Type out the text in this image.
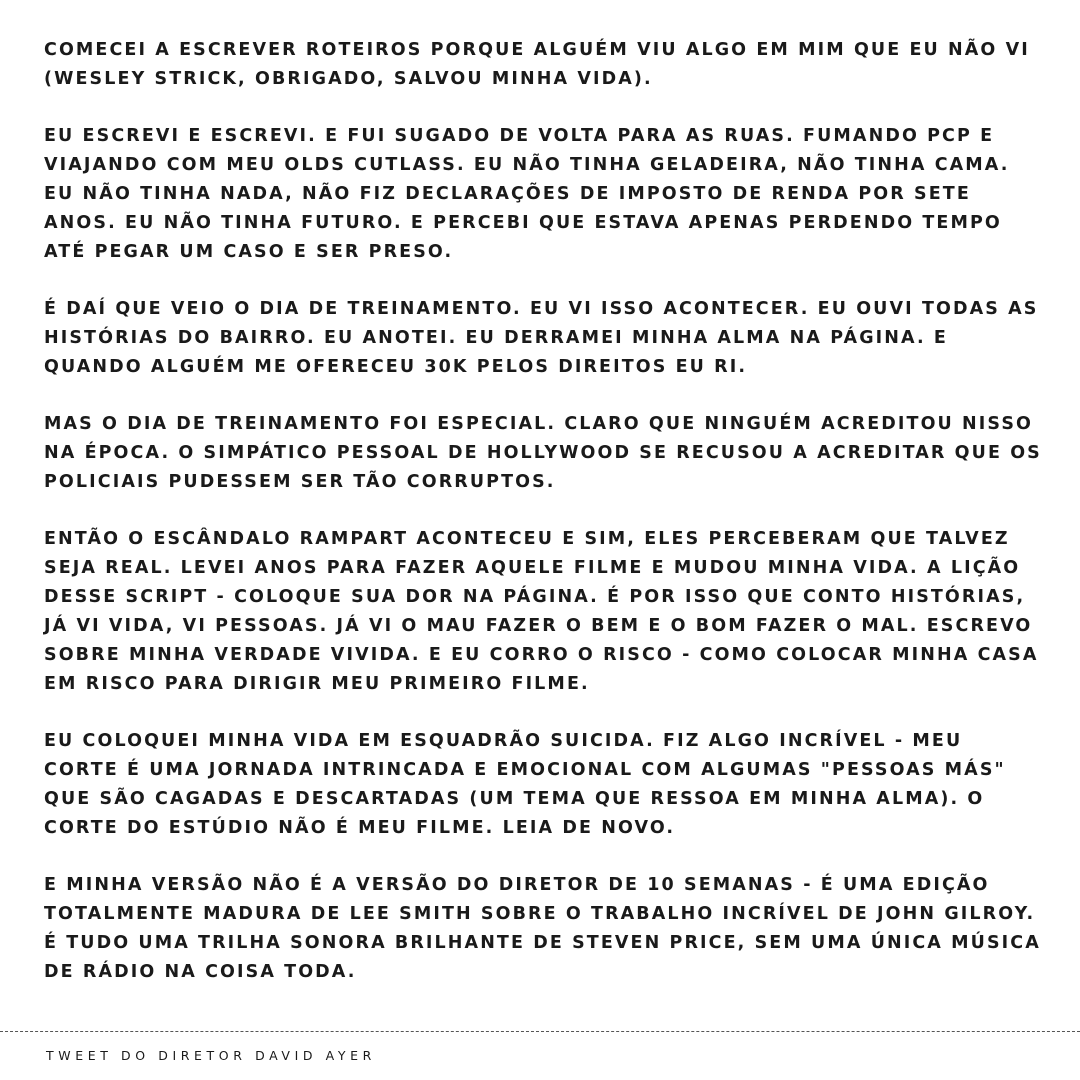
COMECEI A ESCREVER ROTEIROS PORQUE ALGUÉM VIU ALGO EM MIM QUE EU NÃO VI (WESLEY STRICK, OBRIGADO, SALVOU MINHA VIDA).

EU ESCREVI E ESCREVI. E FUI SUGADO DE VOLTA PARA AS RUAS. FUMANDO PCP E VIAJANDO COM MEU OLDS CUTLASS. EU NÃO TINHA GELADEIRA, NÃO TINHA CAMA. EU NÃO TINHA NADA, NÃO FIZ DECLARAÇÕES DE IMPOSTO DE RENDA POR SETE ANOS. EU NÃO TINHA FUTURO. E PERCEBI QUE ESTAVA APENAS PERDENDO TEMPO ATÉ PEGAR UM CASO E SER PRESO.

É DAÍ QUE VEIO O DIA DE TREINAMENTO. EU VI ISSO ACONTECER. EU OUVI TODAS AS HISTÓRIAS DO BAIRRO. EU ANOTEI. EU DERRAMEI MINHA ALMA NA PÁGINA. E QUANDO ALGUÉM ME OFERECEU 30K PELOS DIREITOS EU RI.

MAS O DIA DE TREINAMENTO FOI ESPECIAL. CLARO QUE NINGUÉM ACREDITOU NISSO NA ÉPOCA. O SIMPÁTICO PESSOAL DE HOLLYWOOD SE RECUSOU A ACREDITAR QUE OS POLICIAIS PUDESSEM SER TÃO CORRUPTOS.

ENTÃO O ESCÂNDALO RAMPART ACONTECEU E SIM, ELES PERCEBERAM QUE TALVEZ SEJA REAL. LEVEI ANOS PARA FAZER AQUELE FILME E MUDOU MINHA VIDA. A LIÇÃO DESSE SCRIPT - COLOQUE SUA DOR NA PÁGINA. É POR ISSO QUE CONTO HISTÓRIAS, JÁ VI VIDA, VI PESSOAS. JÁ VI O MAU FAZER O BEM E O BOM FAZER O MAL. ESCREVO SOBRE MINHA VERDADE VIVIDA. E EU CORRO O RISCO - COMO COLOCAR MINHA CASA EM RISCO PARA DIRIGIR MEU PRIMEIRO FILME.

EU COLOQUEI MINHA VIDA EM ESQUADRÃO SUICIDA. FIZ ALGO INCRÍVEL - MEU CORTE É UMA JORNADA INTRINCADA E EMOCIONAL COM ALGUMAS "PESSOAS MÁS" QUE SÃO CAGADAS E DESCARTADAS (UM TEMA QUE RESSOA EM MINHA ALMA). O CORTE DO ESTÚDIO NÃO É MEU FILME. LEIA DE NOVO.

E MINHA VERSÃO NÃO É A VERSÃO DO DIRETOR DE 10 SEMANAS - É UMA EDIÇÃO TOTALMENTE MADURA DE LEE SMITH SOBRE O TRABALHO INCRÍVEL DE JOHN GILROY. É TUDO UMA TRILHA SONORA BRILHANTE DE STEVEN PRICE, SEM UMA ÚNICA MÚSICA DE RÁDIO NA COISA TODA.

TWEET DO DIRETOR DAVID AYER
